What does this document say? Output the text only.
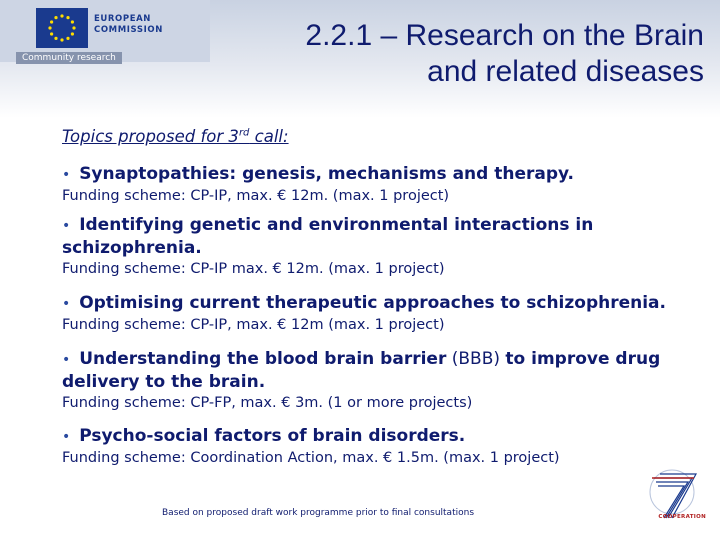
EUROPEAN
COMMISSION
Community research
2.2.1 – Research on the Brain
and related diseases
Topics proposed for 3rd call:
• Synaptopathies: genesis, mechanisms and therapy.
Funding scheme: CP-IP, max. € 12m. (max. 1 project)
• Identifying genetic and environmental interactions in schizophrenia.
Funding scheme: CP-IP max. € 12m. (max. 1 project)
• Optimising current therapeutic approaches to schizophrenia.
Funding scheme: CP-IP, max. € 12m (max. 1 project)
• Understanding the blood brain barrier (BBB) to improve drug delivery to the brain.
Funding scheme: CP-FP, max. € 3m. (1 or more projects)
• Psycho-social factors of brain disorders.
Funding scheme: Coordination Action, max. € 1.5m. (max. 1 project)
Based on proposed draft work programme prior to final consultations	COOPERATION
